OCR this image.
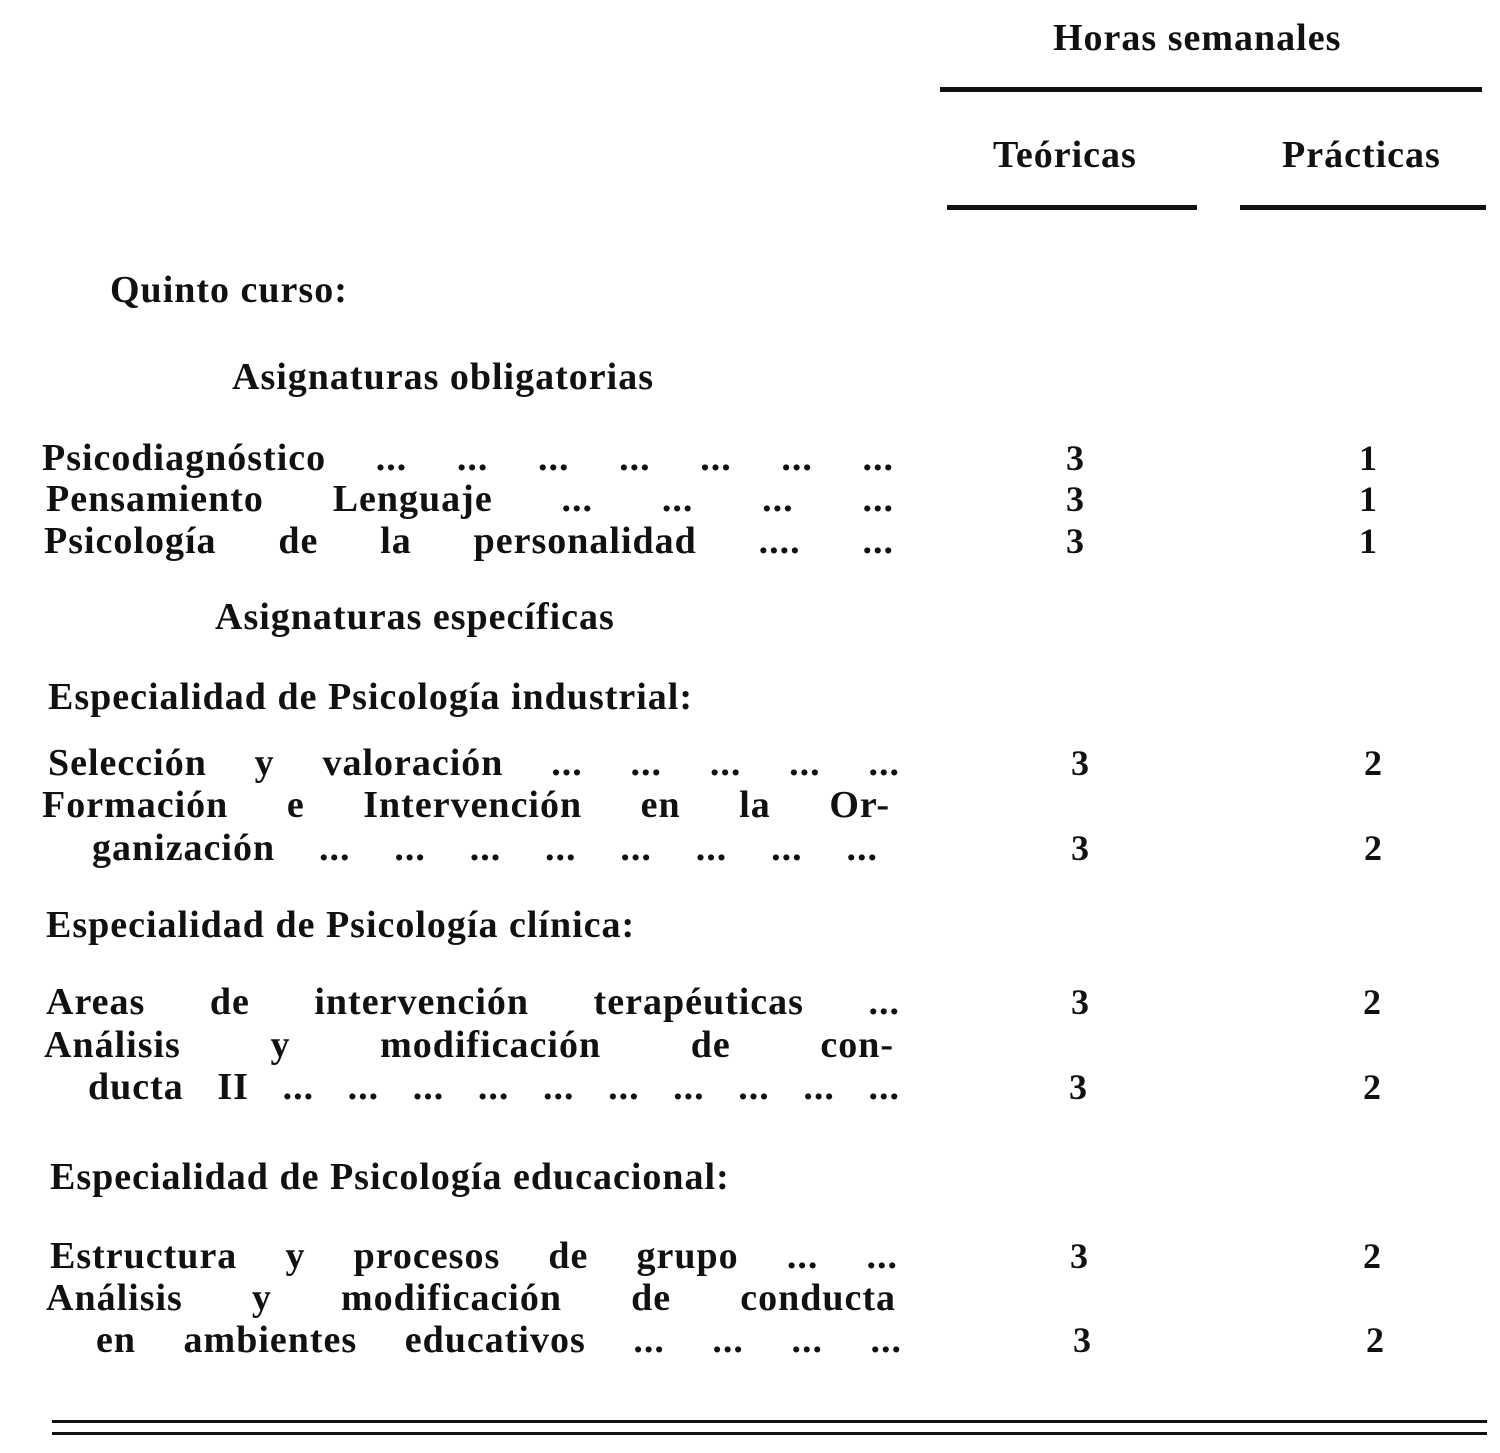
Horas semanales
Teóricas	Prácticas
Quinto curso:
Asignaturas obligatorias
Psicodiagnóstico ... ... ... ... ... ... ...	3	1
Pensamiento Lenguaje ... ... ... ...	3	1
Psicología de la personalidad .... ...	3	1
Asignaturas específicas
Especialidad de Psicología industrial:
Selección y valoración ... ... ... ... ...	3	2
Formación e Intervención en la Or-
ganización ... ... ... ... ... ... ... ...	3	2
Especialidad de Psicología clínica:
Areas de intervención terapéuticas ...	3	2
Análisis y modificación de con-
ducta II ... ... ... ... ... ... ... ... ... ...	3	2
Especialidad de Psicología educacional:
Estructura y procesos de grupo ... ...	3	2
Análisis y modificación de conducta
en ambientes educativos ... ... ... ...	3	2
